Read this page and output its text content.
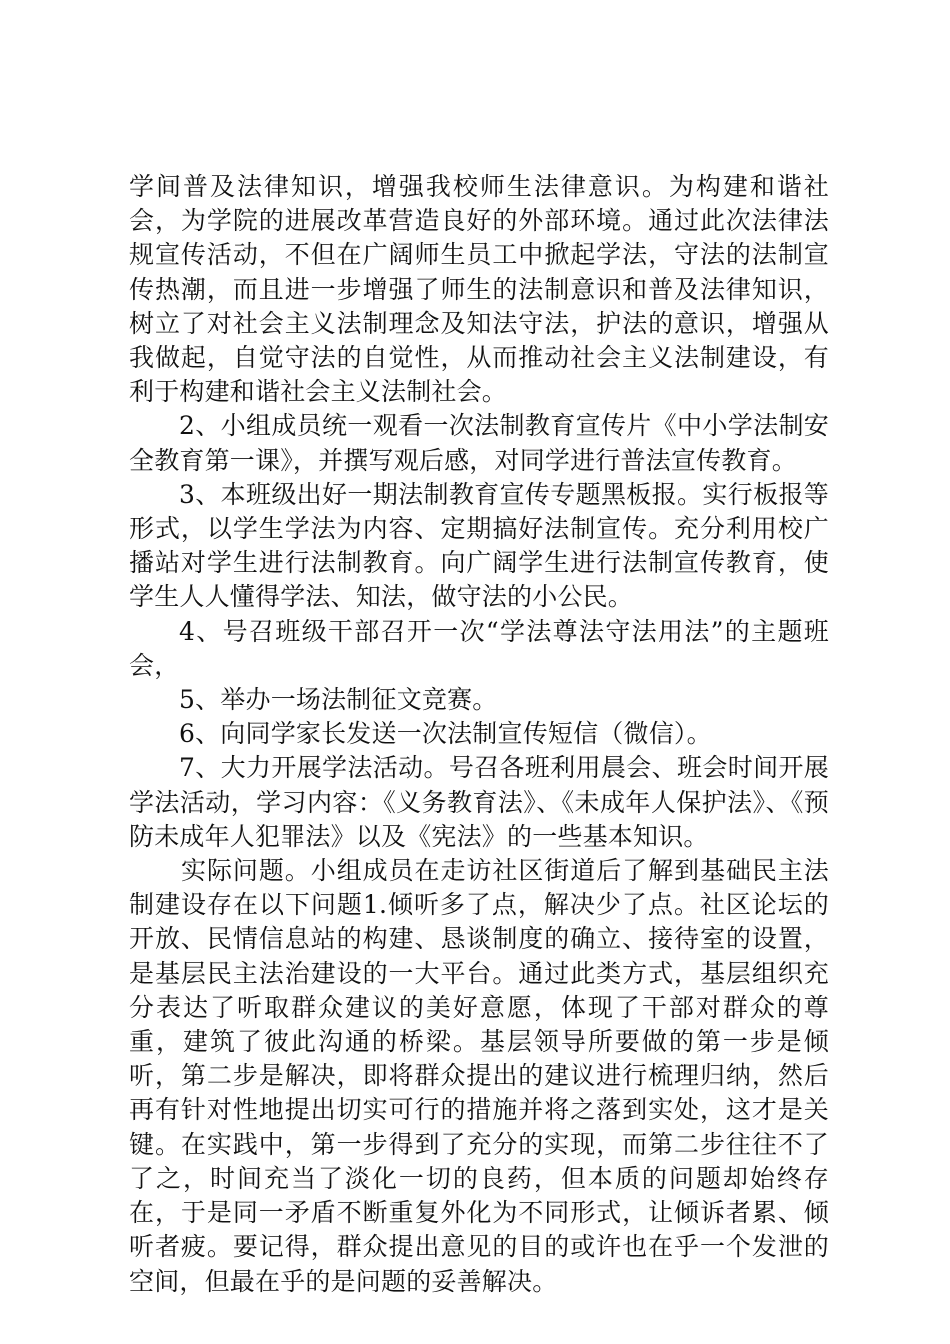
学间普及法律知识，增强我校师生法律意识。为构建和谐社会，为学院的进展改革营造良好的外部环境。通过此次法律法规宣传活动，不但在广阔师生员工中掀起学法，守法的法制宣传热潮，而且进一步增强了师生的法制意识和普及法律知识，树立了对社会主义法制理念及知法守法，护法的意识，增强从我做起，自觉守法的自觉性，从而推动社会主义法制建设，有利于构建和谐社会主义法制社会。

2、小组成员统一观看一次法制教育宣传片《中小学法制安全教育第一课》，并撰写观后感，对同学进行普法宣传教育。

3、本班级出好一期法制教育宣传专题黑板报。实行板报等形式，以学生学法为内容、定期搞好法制宣传。充分利用校广播站对学生进行法制教育。向广阔学生进行法制宣传教育，使学生人人懂得学法、知法，做守法的小公民。

4、号召班级干部召开一次“学法尊法守法用法”的主题班会，

5、举办一场法制征文竞赛。

6、向同学家长发送一次法制宣传短信（微信）。

7、大力开展学法活动。号召各班利用晨会、班会时间开展学法活动，学习内容：《义务教育法》、《未成年人保护法》、《预防未成年人犯罪法》以及《宪法》的一些基本知识。

实际问题。小组成员在走访社区街道后了解到基础民主法制建设存在以下问题1.倾听多了点，解决少了点。社区论坛的开放、民情信息站的构建、恳谈制度的确立、接待室的设置，是基层民主法治建设的一大平台。通过此类方式，基层组织充分表达了听取群众建议的美好意愿，体现了干部对群众的尊重，建筑了彼此沟通的桥梁。基层领导所要做的第一步是倾听，第二步是解决，即将群众提出的建议进行梳理归纳，然后再有针对性地提出切实可行的措施并将之落到实处，这才是关键。在实践中，第一步得到了充分的实现，而第二步往往不了了之，时间充当了淡化一切的良药，但本质的问题却始终存在，于是同一矛盾不断重复外化为不同形式，让倾诉者累、倾听者疲。要记得，群众提出意见的目的或许也在乎一个发泄的空间，但最在乎的是问题的妥善解决。
